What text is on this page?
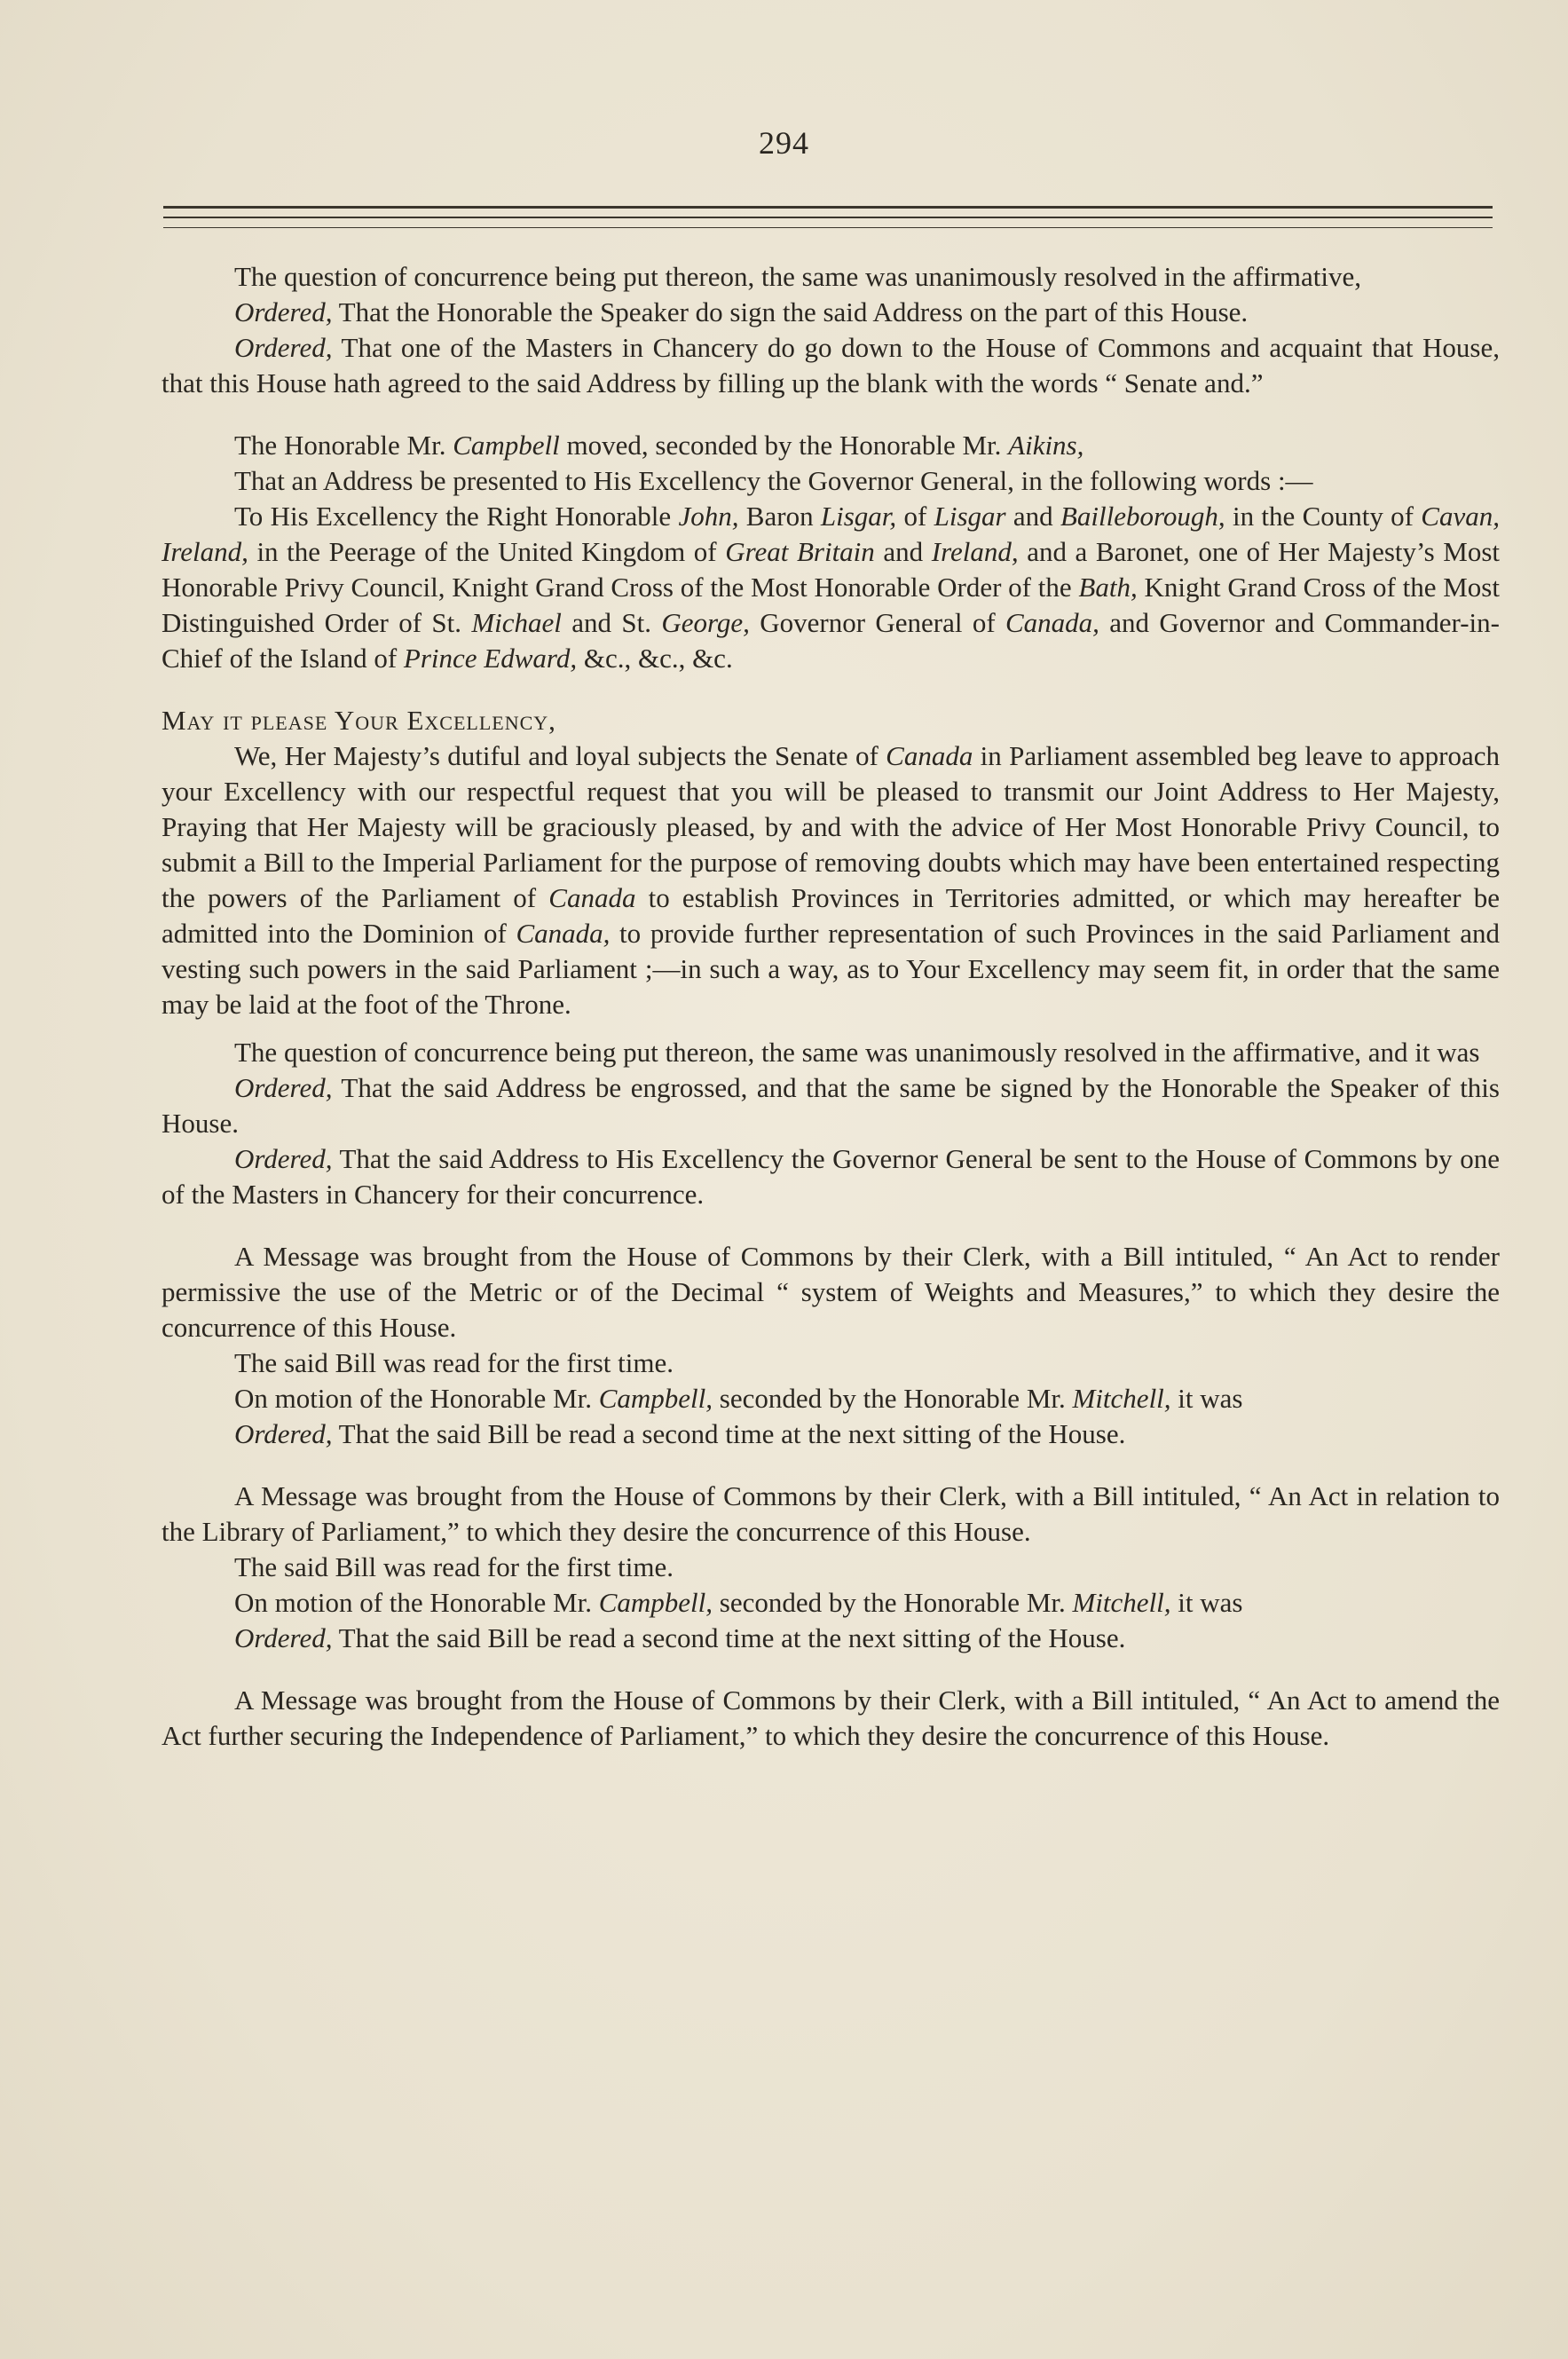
294

The question of concurrence being put thereon, the same was unanimously resolved in the affirmative,

Ordered, That the Honorable the Speaker do sign the said Address on the part of this House.

Ordered, That one of the Masters in Chancery do go down to the House of Commons and acquaint that House, that this House hath agreed to the said Address by filling up the blank with the words “ Senate and.”

The Honorable Mr. Campbell moved, seconded by the Honorable Mr. Aikins,

That an Address be presented to His Excellency the Governor General, in the following words :—

To His Excellency the Right Honorable John, Baron Lisgar, of Lisgar and Bailleborough, in the County of Cavan, Ireland, in the Peerage of the United Kingdom of Great Britain and Ireland, and a Baronet, one of Her Majesty’s Most Honorable Privy Council, Knight Grand Cross of the Most Honorable Order of the Bath, Knight Grand Cross of the Most Distinguished Order of St. Michael and St. George, Governor General of Canada, and Governor and Commander-in-Chief of the Island of Prince Edward, &c., &c., &c.

May it please Your Excellency,

We, Her Majesty’s dutiful and loyal subjects the Senate of Canada in Parliament assembled beg leave to approach your Excellency with our respectful request that you will be pleased to transmit our Joint Address to Her Majesty, Praying that Her Majesty will be graciously pleased, by and with the advice of Her Most Honorable Privy Council, to submit a Bill to the Imperial Parliament for the purpose of removing doubts which may have been entertained respecting the powers of the Parliament of Canada to establish Provinces in Territories admitted, or which may hereafter be admitted into the Dominion of Canada, to provide further representation of such Provinces in the said Parliament and vesting such powers in the said Parliament ;—in such a way, as to Your Excellency may seem fit, in order that the same may be laid at the foot of the Throne.

The question of concurrence being put thereon, the same was unanimously resolved in the affirmative, and it was

Ordered, That the said Address be engrossed, and that the same be signed by the Honorable the Speaker of this House.

Ordered, That the said Address to His Excellency the Governor General be sent to the House of Commons by one of the Masters in Chancery for their concurrence.

A Message was brought from the House of Commons by their Clerk, with a Bill intituled, “ An Act to render permissive the use of the Metric or of the Decimal “ system of Weights and Measures,” to which they desire the concurrence of this House.

The said Bill was read for the first time.

On motion of the Honorable Mr. Campbell, seconded by the Honorable Mr. Mitchell, it was

Ordered, That the said Bill be read a second time at the next sitting of the House.

A Message was brought from the House of Commons by their Clerk, with a Bill intituled, “ An Act in relation to the Library of Parliament,” to which they desire the concurrence of this House.

The said Bill was read for the first time.

On motion of the Honorable Mr. Campbell, seconded by the Honorable Mr. Mitchell, it was

Ordered, That the said Bill be read a second time at the next sitting of the House.

A Message was brought from the House of Commons by their Clerk, with a Bill intituled, “ An Act to amend the Act further securing the Independence of Parliament,” to which they desire the concurrence of this House.
